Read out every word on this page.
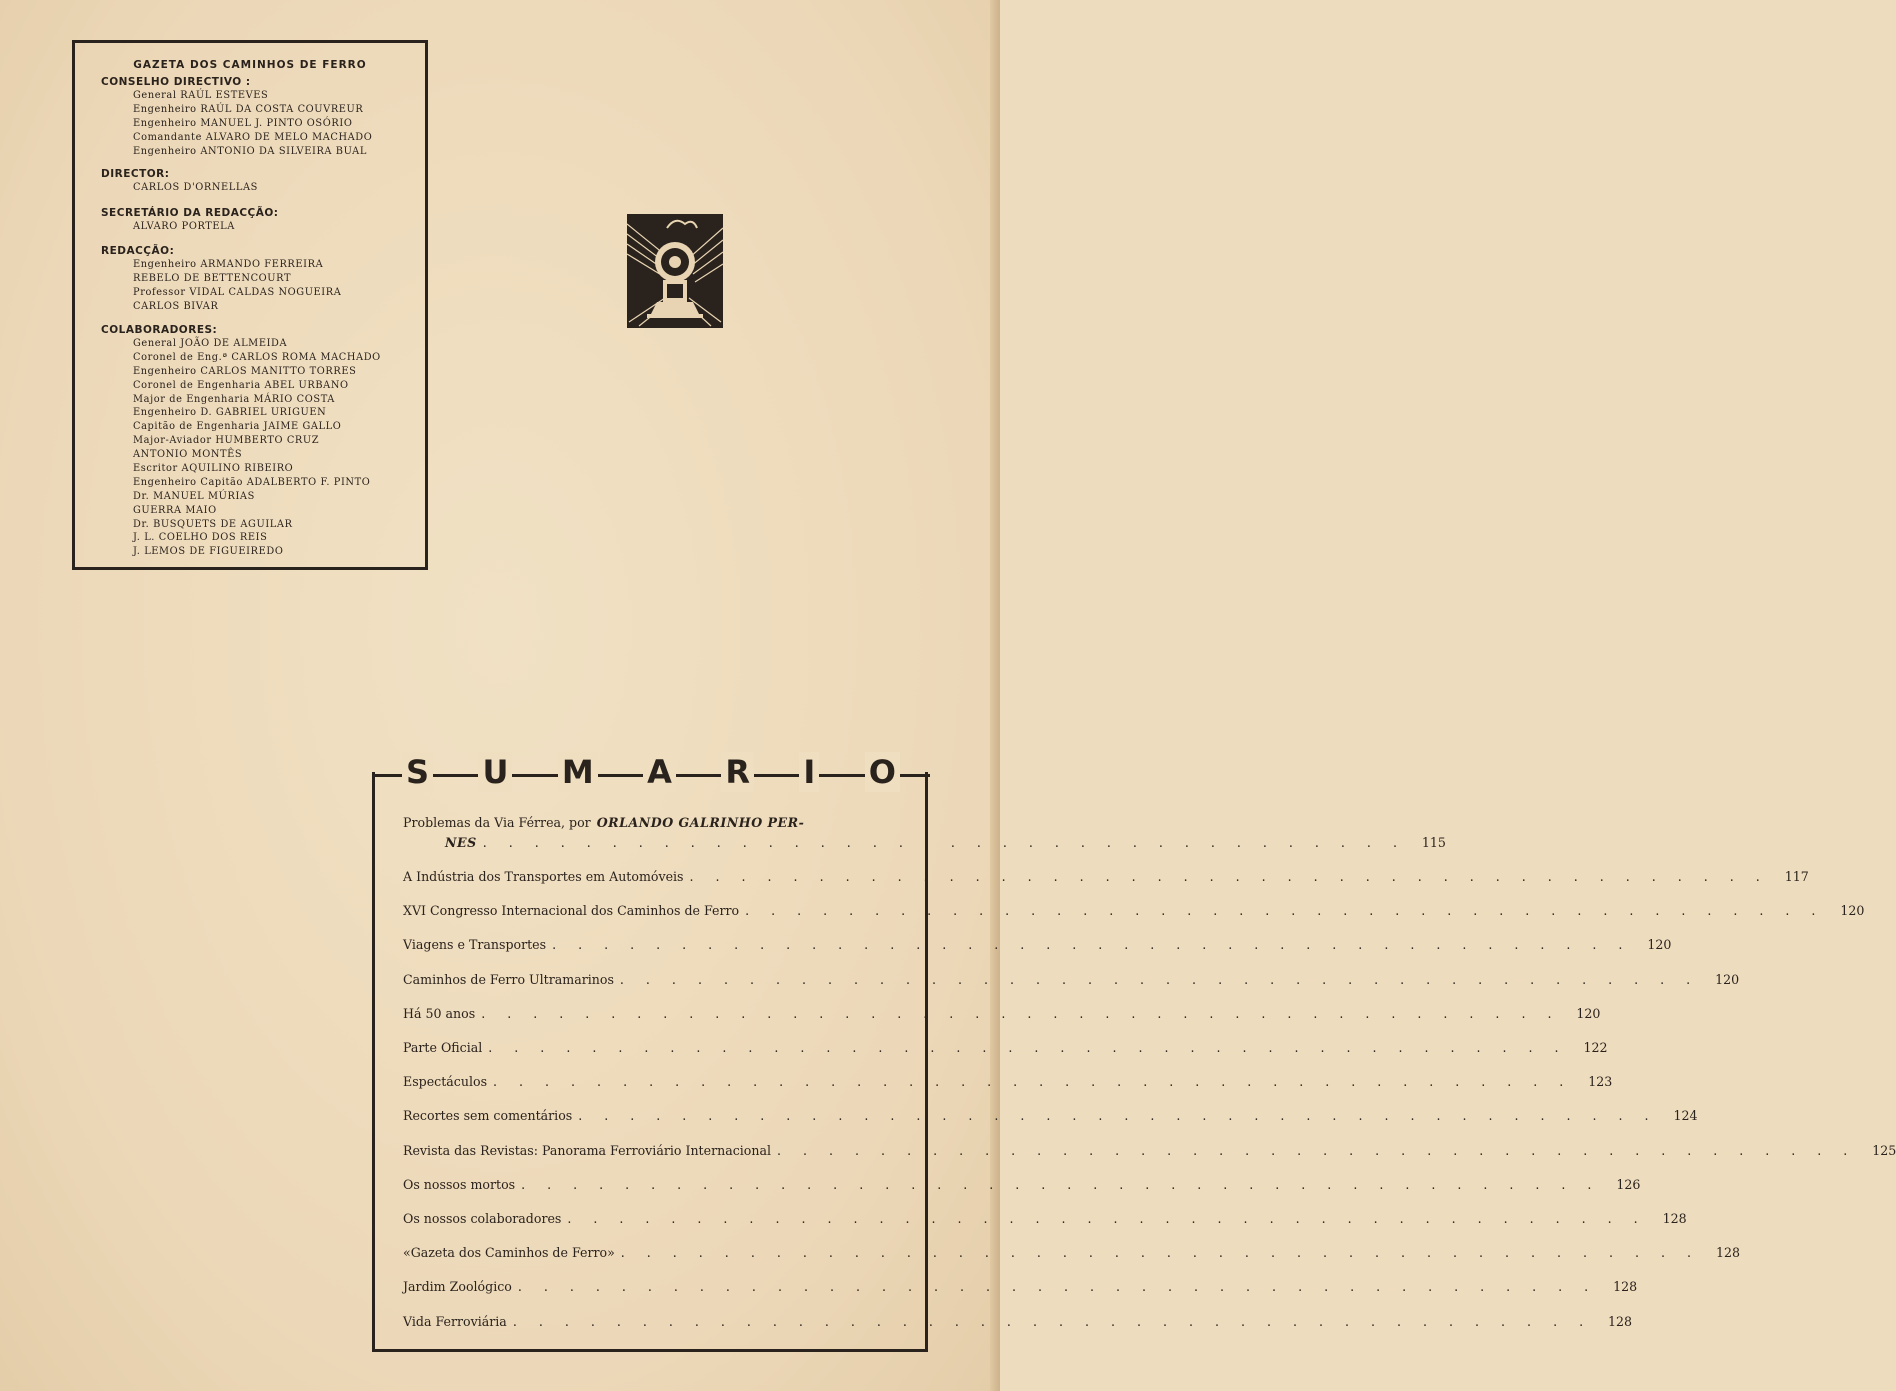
GAZETA DOS CAMINHOS DE FERRO
CONSELHO DIRECTIVO :
General RAÚL ESTEVES
Engenheiro RAÚL DA COSTA COUVREUR
Engenheiro MANUEL J. PINTO OSÓRIO
Comandante ALVARO DE MELO MACHADO
Engenheiro ANTONIO DA SILVEIRA BUAL
DIRECTOR:
CARLOS D'ORNELLAS
SECRETÁRIO DA REDACÇÃO:
ALVARO PORTELA
REDACÇÃO:
Engenheiro ARMANDO FERREIRA
REBELO DE BETTENCOURT
Professor VIDAL CALDAS NOGUEIRA
CARLOS BIVAR
COLABORADORES:
General JOÃO DE ALMEIDA
Coronel de Eng.ª CARLOS ROMA MACHADO
Engenheiro CARLOS MANITTO TORRES
Coronel de Engenharia ABEL URBANO
Major de Engenharia MÁRIO COSTA
Engenheiro D. GABRIEL URIGUEN
Capitão de Engenharia JAIME GALLO
Major-Aviador HUMBERTO CRUZ
ANTONIO MONTÊS
Escritor AQUILINO RIBEIRO
Engenheiro Capitão ADALBERTO F. PINTO
Dr. MANUEL MÚRIAS
GUERRA MAIO
Dr. BUSQUETS DE AGUILAR
J. L. COELHO DOS REIS
J. LEMOS DE FIGUEIREDO
S U M A R I O
Problemas da Via Férrea, por ORLANDO GALRINHO PER-
NES . . . . . . . . . . . . . . . . . . . . . . . . . . . . . . . . . . . .	115
A Indústria dos Transportes em Automóveis . . . . . . . . . . . . . . . . . . . . . . . . . . . . . . . . . . . . . . . . . .	117
XVI Congresso Internacional dos Caminhos de Ferro . . . . . . . . . . . . . . . . . . . . . . . . . . . . . . . . . . . . . . . . . .	120
Viagens e Transportes . . . . . . . . . . . . . . . . . . . . . . . . . . . . . . . . . . . . . . . . . .	120
Caminhos de Ferro Ultramarinos . . . . . . . . . . . . . . . . . . . . . . . . . . . . . . . . . . . . . . . . . .	120
Há 50 anos . . . . . . . . . . . . . . . . . . . . . . . . . . . . . . . . . . . . . . . . . .	120
Parte Oficial . . . . . . . . . . . . . . . . . . . . . . . . . . . . . . . . . . . . . . . . . .	122
Espectáculos . . . . . . . . . . . . . . . . . . . . . . . . . . . . . . . . . . . . . . . . . .	123
Recortes sem comentários . . . . . . . . . . . . . . . . . . . . . . . . . . . . . . . . . . . . . . . . . .	124
Revista das Revistas: Panorama Ferroviário Internacional . . . . . . . . . . . . . . . . . . . . . . . . . . . . . . . . . . . . . . . . . .	125
Os nossos mortos . . . . . . . . . . . . . . . . . . . . . . . . . . . . . . . . . . . . . . . . . .	126
Os nossos colaboradores . . . . . . . . . . . . . . . . . . . . . . . . . . . . . . . . . . . . . . . . . .	128
«Gazeta dos Caminhos de Ferro» . . . . . . . . . . . . . . . . . . . . . . . . . . . . . . . . . . . . . . . . . .	128
Jardim Zoológico . . . . . . . . . . . . . . . . . . . . . . . . . . . . . . . . . . . . . . . . . .	128
Vida Ferroviária . . . . . . . . . . . . . . . . . . . . . . . . . . . . . . . . . . . . . . . . . .	128
